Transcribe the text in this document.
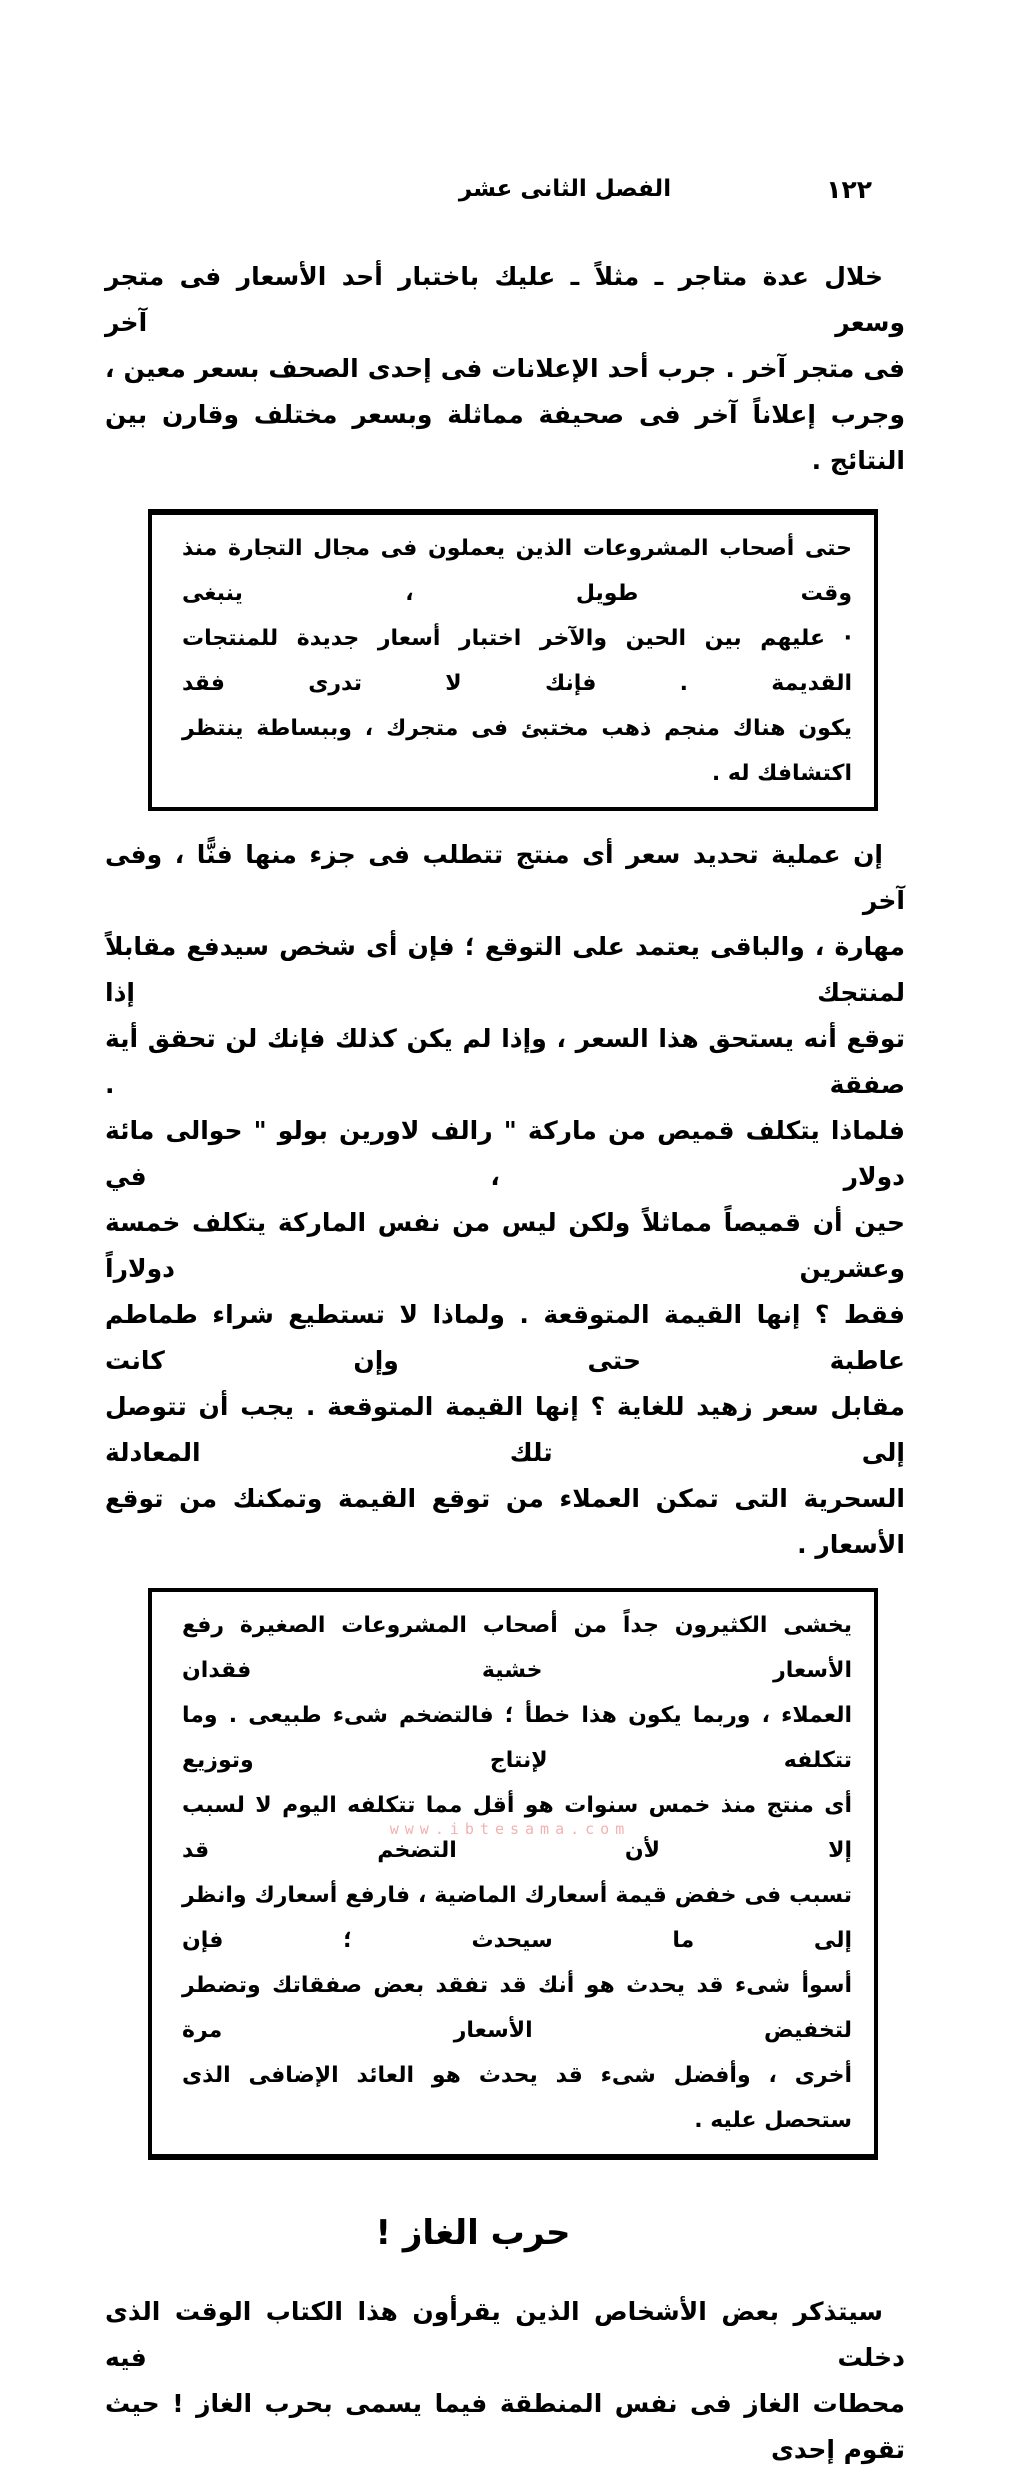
الفصل الثانى عشر	١٢٢
خلال عدة متاجر ـ مثلاً ـ عليك باختبار أحد الأسعار فى متجر وسعر آخر
فى متجر آخر . جرب أحد الإعلانات فى إحدى الصحف بسعر معين ،
وجرب إعلاناً آخر فى صحيفة مماثلة وبسعر مختلف وقارن بين النتائج .
حتى أصحاب المشروعات الذين يعملون فى مجال التجارة منذ وقت طويل ، ينبغى
· عليهم بين الحين والآخر اختبار أسعار جديدة للمنتجات القديمة . فإنك لا تدرى فقد
يكون هناك منجم ذهب مختبئ فى متجرك ، وببساطة ينتظر اكتشافك له .
إن عملية تحديد سعر أى منتج تتطلب فى جزء منها فنًّا ، وفى آخر
مهارة ، والباقى يعتمد على التوقع ؛ فإن أى شخص سيدفع مقابلاً لمنتجك إذا
توقع أنه يستحق هذا السعر ، وإذا لم يكن كذلك فإنك لن تحقق أية صفقة .
فلماذا يتكلف قميص من ماركة " رالف لاورين بولو " حوالى مائة دولار ، في
حين أن قميصاً مماثلاً ولكن ليس من نفس الماركة يتكلف خمسة وعشرين دولاراً
فقط ؟ إنها القيمة المتوقعة . ولماذا لا تستطيع شراء طماطم عاطبة حتى وإن كانت
مقابل سعر زهيد للغاية ؟ إنها القيمة المتوقعة . يجب أن تتوصل إلى تلك المعادلة
السحرية التى تمكن العملاء من توقع القيمة وتمكنك من توقع الأسعار .
يخشى الكثيرون جداً من أصحاب المشروعات الصغيرة رفع الأسعار خشية فقدان
العملاء ، وربما يكون هذا خطأ ؛ فالتضخم شىء طبيعى . وما تتكلفه لإنتاج وتوزيع
أى منتج منذ خمس سنوات هو أقل مما تتكلفه اليوم لا لسبب إلا لأن التضخم قد
تسبب فى خفض قيمة أسعارك الماضية ، فارفع أسعارك وانظر إلى ما سيحدث ؛ فإن
أسوأ شىء قد يحدث هو أنك قد تفقد بعض صفقاتك وتضطر لتخفيض الأسعار مرة
أخرى ، وأفضل شىء قد يحدث هو العائد الإضافى الذى ستحصل عليه .
حرب الغاز !
سيتذكر بعض الأشخاص الذين يقرأون هذا الكتاب الوقت الذى دخلت فيه
محطات الغاز فى نفس المنطقة فيما يسمى بحرب الغاز ! حيث تقوم إحدى
www.ibtesama.com
